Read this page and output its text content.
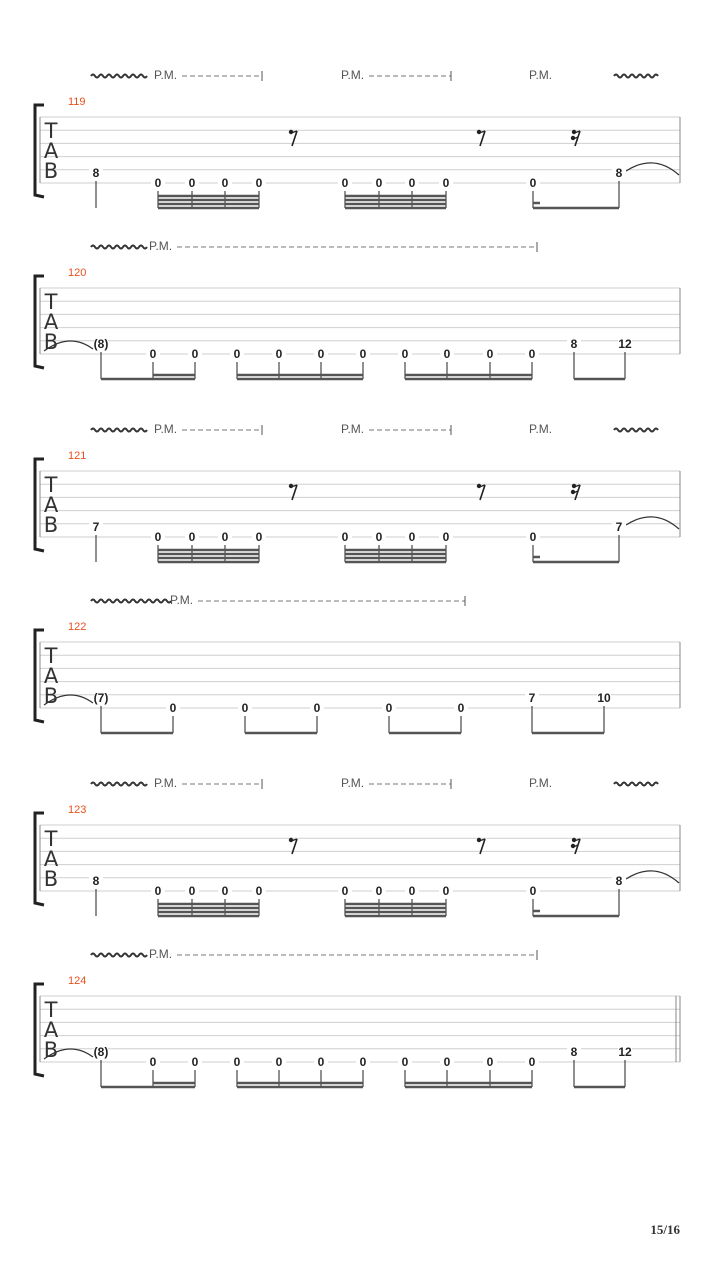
T
A
B
119
P.M.	P.M.	P.M.
8
0 0 0 0	0 0 0 0	0
8
T
A
B
120
P.M.
(8)
0	0	0	0	0	0	0	0	0	0
8	12
T
A
B
121
P.M.	P.M.	P.M.
7
0 0 0 0	0 0 0 0	0
7
T
A
B
122
P.M.
(7)
0	0	0	0	0
7	10
T
A
B
123
P.M.	P.M.	P.M.
8
0 0 0 0	0 0 0 0	0
8
T
A
B
124
P.M.
(8)
0	0	0	0	0	0	0	0	0	0
8	12
15/16
